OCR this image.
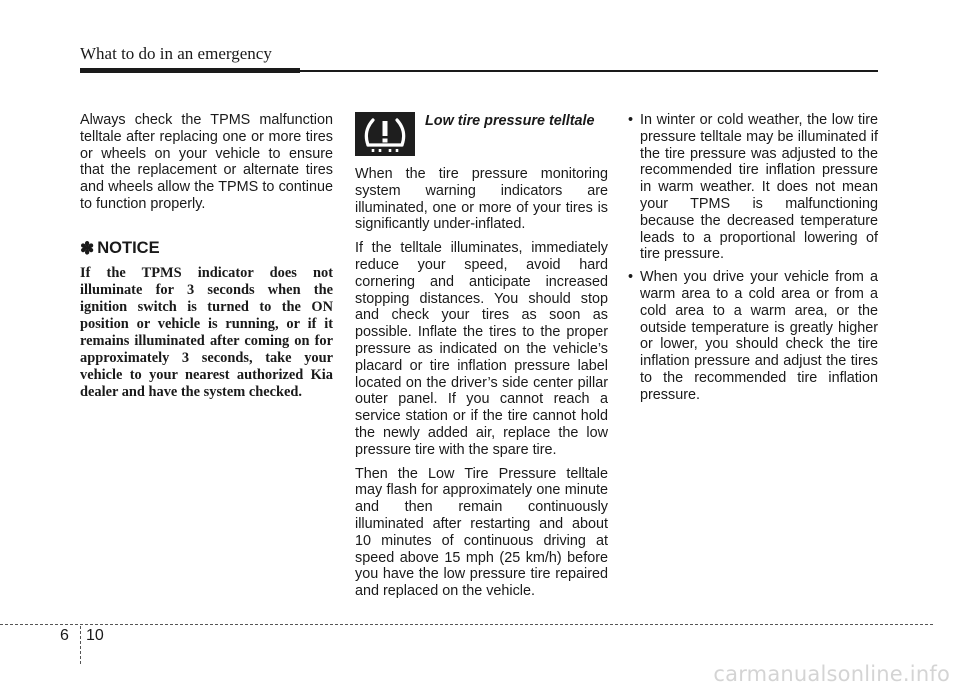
What to do in an emergency

Always check the TPMS malfunction telltale after replacing one or more tires or wheels on your vehicle to ensure that the replacement or alternate tires and wheels allow the TPMS to continue to function properly.

✽ NOTICE

If the TPMS indicator does not illuminate for 3 seconds when the ignition switch is turned to the ON position or vehicle is running, or if it remains illuminated after coming on for approximately 3 seconds, take your vehicle to your nearest authorized Kia dealer and have the system checked.

Low tire pressure telltale

When the tire pressure monitoring system warning indicators are illuminated, one or more of your tires is significantly under-inflated.

If the telltale illuminates, immediately reduce your speed, avoid hard cornering and anticipate increased stopping distances. You should stop and check your tires as soon as possible. Inflate the tires to the proper pressure as indicated on the vehicle’s placard or tire inflation pressure label located on the driver’s side center pillar outer panel. If you cannot reach a service station or if the tire cannot hold the newly added air, replace the low pressure tire with the spare tire.

Then the Low Tire Pressure telltale may flash for approximately one minute and then remain continuously illuminated after restarting and about 10 minutes of continuous driving at speed above 15 mph (25 km/h) before you have the low pressure tire repaired and replaced on the vehicle.

• In winter or cold weather, the low tire pressure telltale may be illuminated if the tire pressure was adjusted to the recommended tire inflation pressure in warm weather. It does not mean your TPMS is malfunctioning because the decreased temperature leads to a proportional lowering of tire pressure.
• When you drive your vehicle from a warm area to a cold area or from a cold area to a warm area, or the outside temperature is greatly higher or lower, you should check the tire inflation pressure and adjust the tires to the recommended tire inflation pressure.
6 10
carmanualsonline.info
